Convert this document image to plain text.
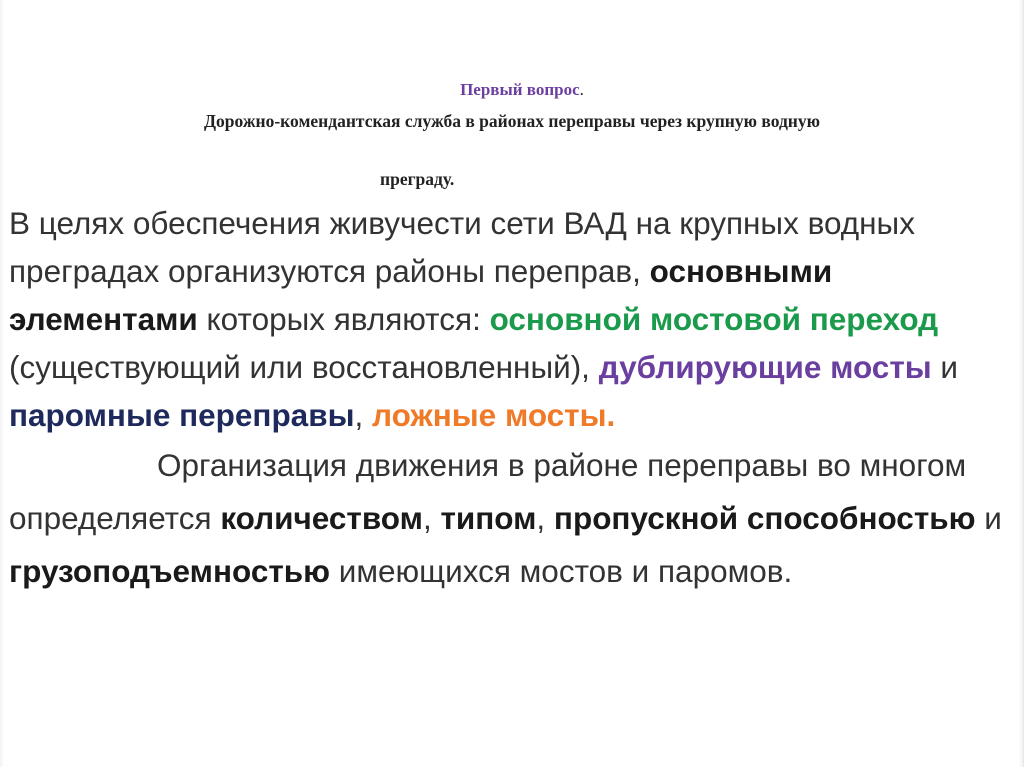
Первый вопрос.

Дорожно-комендантская служба в районах переправы через крупную водную

преграду.

В целях обеспечения живучести сети ВАД на крупных водных преградах организуются районы переправ, основными элементами которых являются: основной мостовой переход (существующий или восстановленный), дублирующие мосты и паромные переправы, ложные мосты.

Организация движения в районе переправы во многом определяется количеством, типом, пропускной способностью и грузоподъемностью имеющихся мостов и паромов.
